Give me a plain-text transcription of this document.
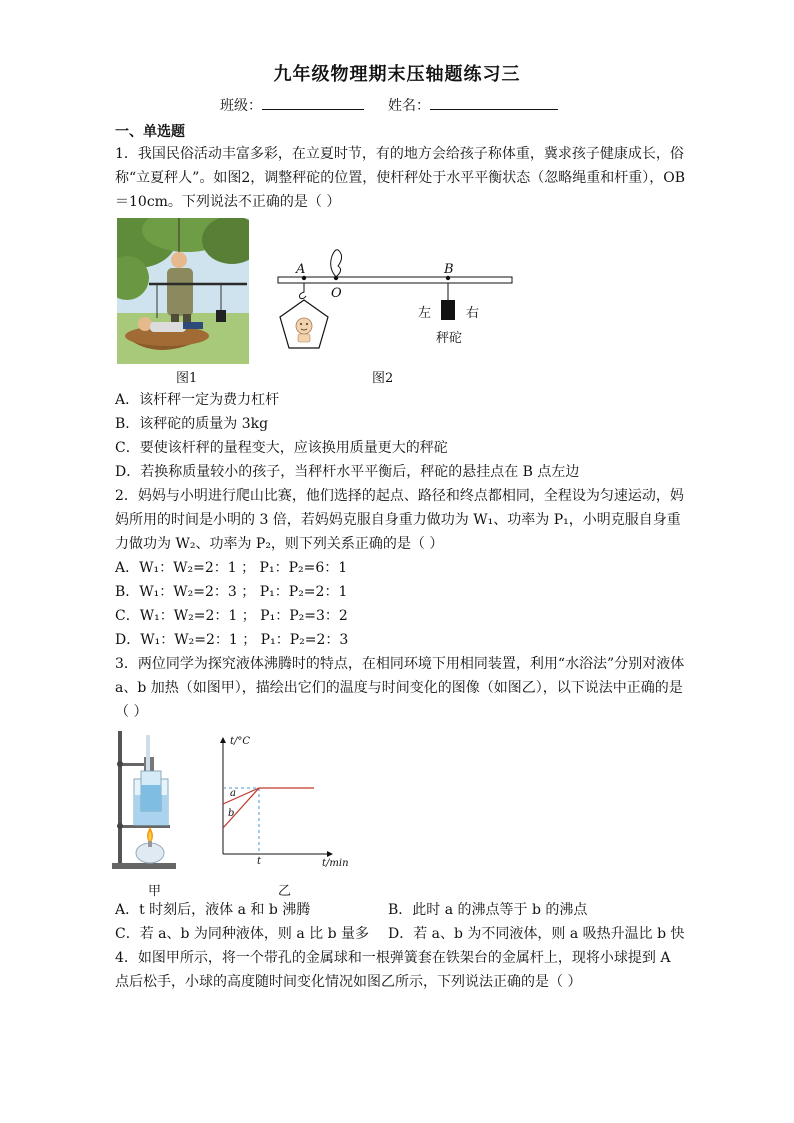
九年级物理期末压轴题练习三
班级：	姓名：
一、单选题
1．我国民俗活动丰富多彩，在立夏时节，有的地方会给孩子称体重，冀求孩子健康成长，俗
称“立夏秤人”。如图2，调整秤砣的位置，使杆秤处于水平平衡状态（忽略绳重和杆重），OB
＝10cm。下列说法不正确的是（ ）
图1
A
O
B
左	右
秤砣
图2
A．该杆秤一定为费力杠杆
B．该秤砣的质量为 3kg
C．要使该杆秤的量程变大，应该换用质量更大的秤砣
D．若换称质量较小的孩子，当秤杆水平平衡后，秤砣的悬挂点在 B 点左边
2．妈妈与小明进行爬山比赛，他们选择的起点、路径和终点都相同，全程设为匀速运动，妈
妈所用的时间是小明的 3 倍，若妈妈克服自身重力做功为 W₁、功率为 P₁，小明克服自身重
力做功为 W₂、功率为 P₂，则下列关系正确的是（ ）
A．W₁：W₂=2：1 ； P₁：P₂=6：1
B．W₁：W₂=2：3 ； P₁：P₂=2：1
C．W₁：W₂=2：1 ； P₁：P₂=3：2
D．W₁：W₂=2：1 ； P₁：P₂=2：3
3．两位同学为探究液体沸腾时的特点，在相同环境下用相同装置，利用“水浴法”分别对液体
a、b 加热（如图甲），描绘出它们的温度与时间变化的图像（如图乙），以下说法中正确的是
（ ）
甲
t/°C
t/min
a
b
t
乙
A．t 时刻后，液体 a 和 b 沸腾	B．此时 a 的沸点等于 b 的沸点
C．若 a、b 为同种液体，则 a 比 b 量多 D．若 a、b 为不同液体，则 a 吸热升温比 b 快
4．如图甲所示，将一个带孔的金属球和一根弹簧套在铁架台的金属杆上，现将小球提到 A
点后松手，小球的高度随时间变化情况如图乙所示，下列说法正确的是（ ）
